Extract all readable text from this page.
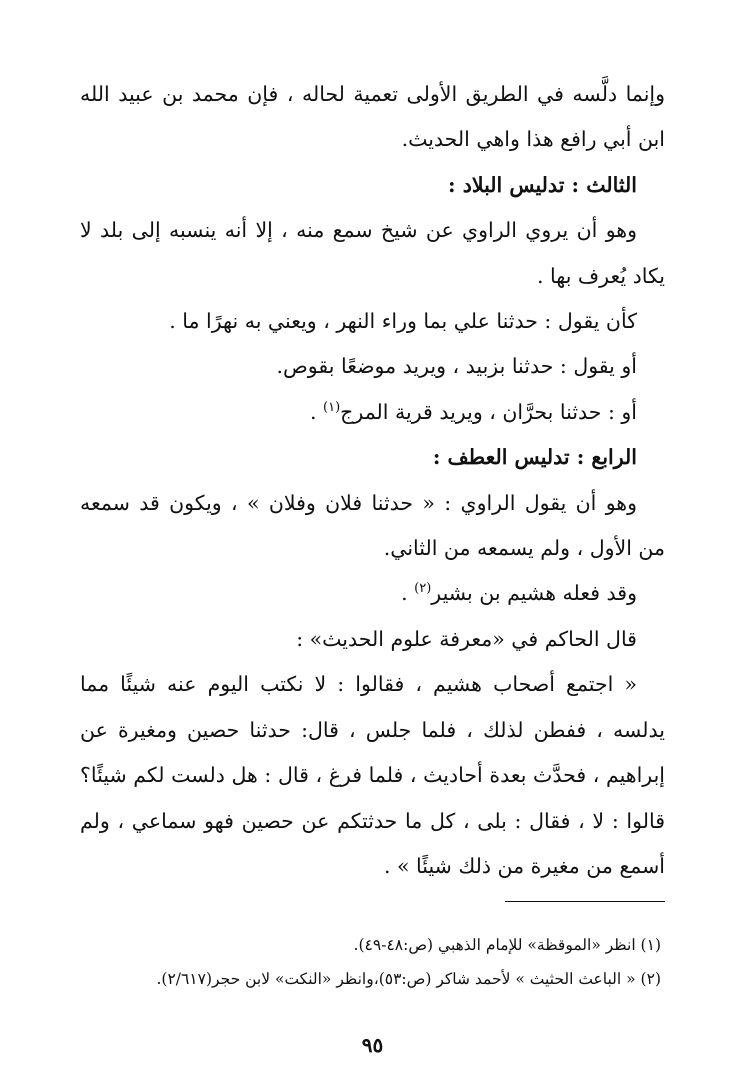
وإنما دلَّسه في الطريق الأولى تعمية لحاله ، فإن محمد بن عبيد الله
ابن أبي رافع هذا واهي الحديث.
الثالث : تدليس البلاد :
وهو أن يروي الراوي عن شيخ سمع منه ، إلا أنه ينسبه إلى بلد لا
يكاد يُعرف بها .
كأن يقول : حدثنا علي بما وراء النهر ، ويعني به نهرًا ما .
أو يقول : حدثنا بزبيد ، ويريد موضعًا بقوص.
أو : حدثنا بحرَّان ، ويريد قرية المرج$^{(١)}$ .
الرابع : تدليس العطف :
وهو أن يقول الراوي : « حدثنا فلان وفلان » ، ويكون قد سمعه
من الأول ، ولم يسمعه من الثاني.
وقد فعله هشيم بن بشير$^{(٢)}$ .
قال الحاكم في «معرفة علوم الحديث» :
« اجتمع أصحاب هشيم ، فقالوا : لا نكتب اليوم عنه شيئًا مما
يدلسه ، ففطن لذلك ، فلما جلس ، قال: حدثنا حصين ومغيرة عن
إبراهيم ، فحدَّث بعدة أحاديث ، فلما فرغ ، قال : هل دلست لكم شيئًا؟
قالوا : لا ، فقال : بلى ، كل ما حدثتكم عن حصين فهو سماعي ، ولم
أسمع من مغيرة من ذلك شيئًا » .
(١) انظر «الموقظة» للإمام الذهبي (ص:٤٨-٤٩).
(٢) « الباعث الحثيث » لأحمد شاكر (ص:٥٣)،وانظر «النكت» لابن حجر(٢/٦١٧).
٩٥
